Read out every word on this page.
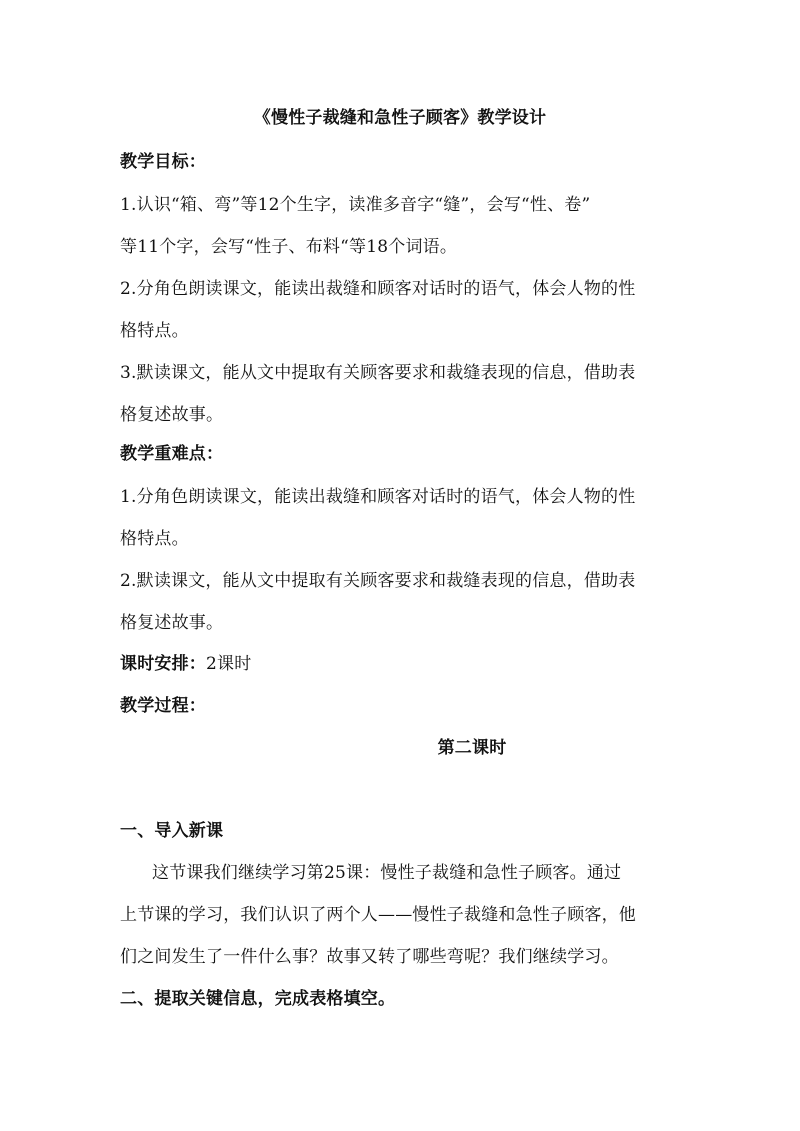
《慢性子裁缝和急性子顾客》教学设计
教学目标：
1.认识“箱、弯”等12个生字，读准多音字“缝”，会写“性、卷”
等11个字，会写“性子、布料“等18个词语。
2.分角色朗读课文，能读出裁缝和顾客对话时的语气，体会人物的性
格特点。
3.默读课文，能从文中提取有关顾客要求和裁缝表现的信息，借助表
格复述故事。
教学重难点：
1.分角色朗读课文，能读出裁缝和顾客对话时的语气，体会人物的性
格特点。
2.默读课文，能从文中提取有关顾客要求和裁缝表现的信息，借助表
格复述故事。
课时安排：2课时
教学过程：
第二课时
一、导入新课
这节课我们继续学习第25课：慢性子裁缝和急性子顾客。通过
上节课的学习，我们认识了两个人——慢性子裁缝和急性子顾客，他
们之间发生了一件什么事？故事又转了哪些弯呢？我们继续学习。
二、提取关键信息，完成表格填空。
